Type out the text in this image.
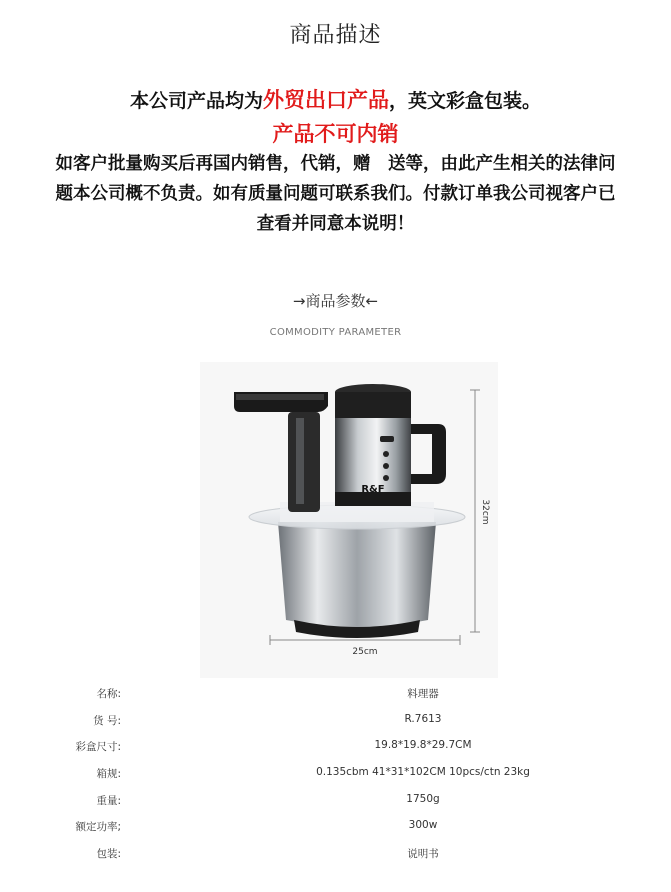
商品描述
本公司产品均为外贸出口产品，英文彩盒包装。
产品不可内销
如客户批量购买后再国内销售，代销，赠　送等，由此产生相关的法律问
题本公司概不负责。如有质量问题可联系我们。付款订单我公司视客户已
查看并同意本说明！
→商品参数←
COMMODITY PARAMETER
R&F
32cm
25cm
名称:	料理器
货 号:	R.7613
彩盒尺寸:	19.8*19.8*29.7CM
箱规:	0.135cbm 41*31*102CM 10pcs/ctn 23kg
重量:	1750g
额定功率;	300w
包装:	说明书
